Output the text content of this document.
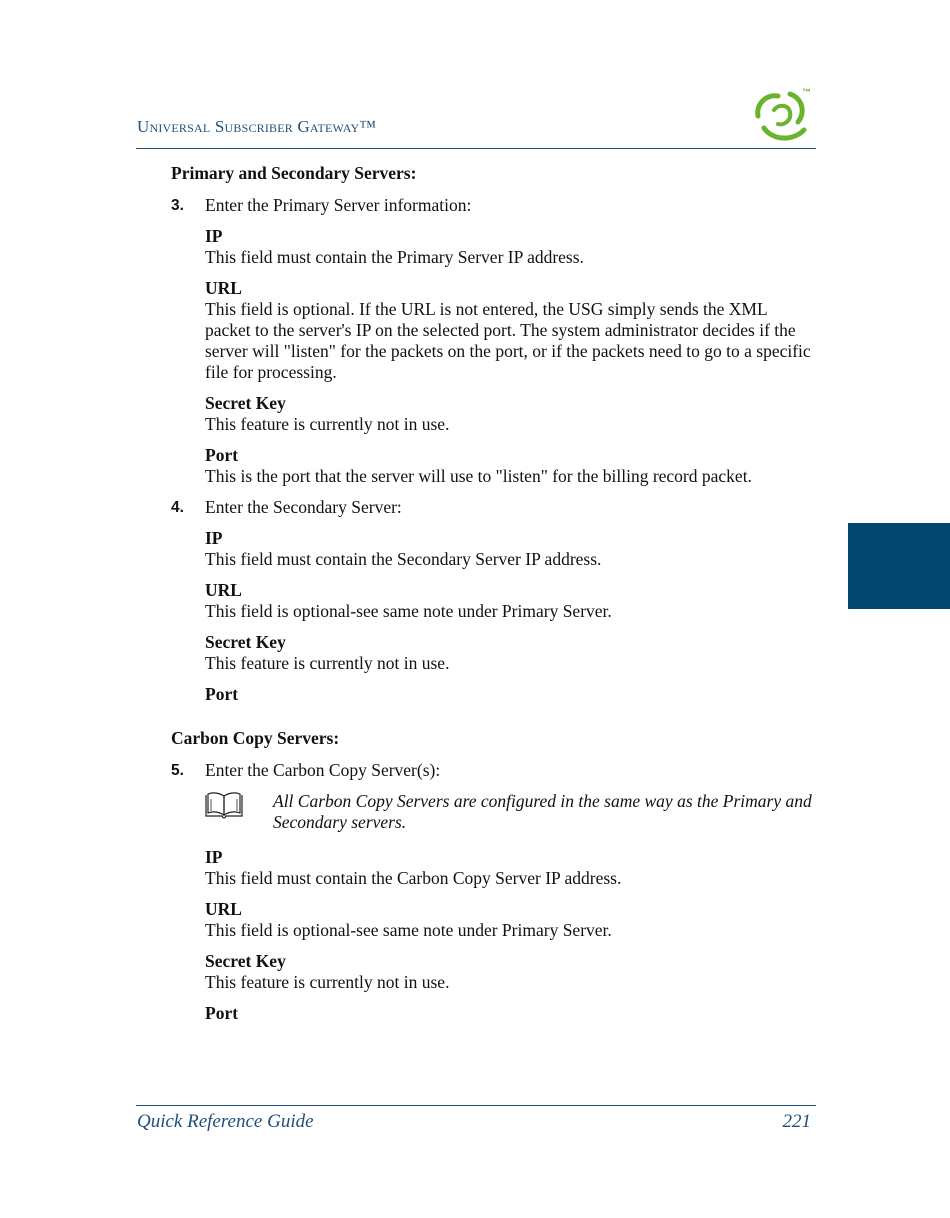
Universal Subscriber Gateway™
™
Primary and Secondary Servers:
3.	Enter the Primary Server information:
IP
This field must contain the Primary Server IP address.
URL
This field is optional. If the URL is not entered, the USG simply sends the XML packet to the server's IP on the selected port. The system administrator decides if the server will "listen" for the packets on the port, or if the packets need to go to a specific file for processing.
Secret Key
This feature is currently not in use.
Port
This is the port that the server will use to "listen" for the billing record packet.
4.	Enter the Secondary Server:
IP
This field must contain the Secondary Server IP address.
URL
This field is optional-see same note under Primary Server.
Secret Key
This feature is currently not in use.
Port
Carbon Copy Servers:
5.	Enter the Carbon Copy Server(s):
All Carbon Copy Servers are configured in the same way as the Primary and Secondary servers.
IP
This field must contain the Carbon Copy Server IP address.
URL
This field is optional-see same note under Primary Server.
Secret Key
This feature is currently not in use.
Port
Quick Reference Guide	221
